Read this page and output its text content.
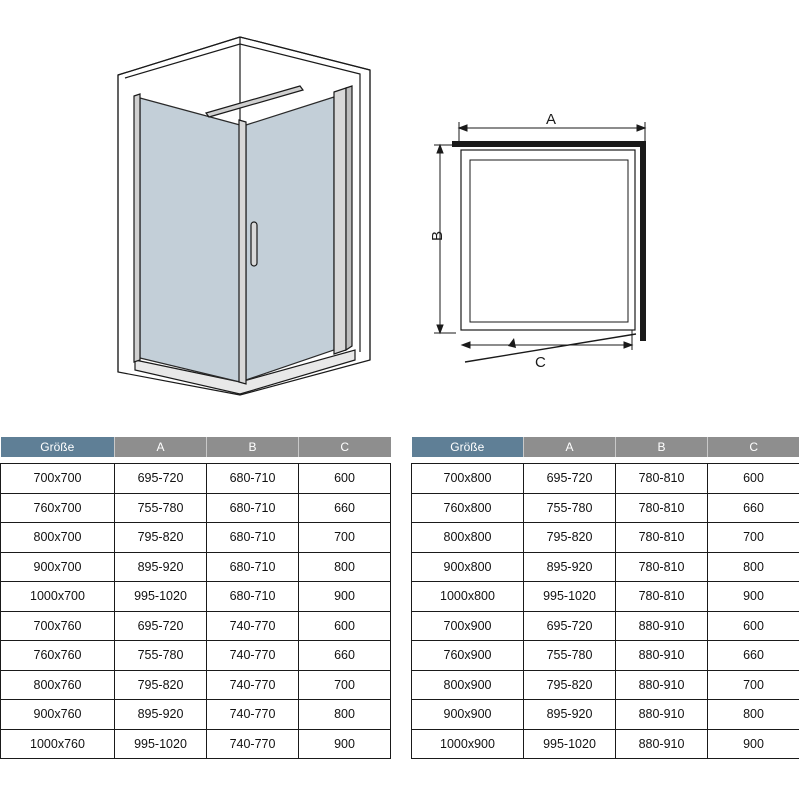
A
B
C
Größe	A	B	C

700x700	695-720	680-710	600
760x700	755-780	680-710	660
800x700	795-820	680-710	700
900x700	895-920	680-710	800
1000x700	995-1020	680-710	900
700x760	695-720	740-770	600
760x760	755-780	740-770	660
800x760	795-820	740-770	700
900x760	895-920	740-770	800
1000x760	995-1020	740-770	900
Größe	A	B	C

700x800	695-720	780-810	600
760x800	755-780	780-810	660
800x800	795-820	780-810	700
900x800	895-920	780-810	800
1000x800	995-1020	780-810	900
700x900	695-720	880-910	600
760x900	755-780	880-910	660
800x900	795-820	880-910	700
900x900	895-920	880-910	800
1000x900	995-1020	880-910	900
